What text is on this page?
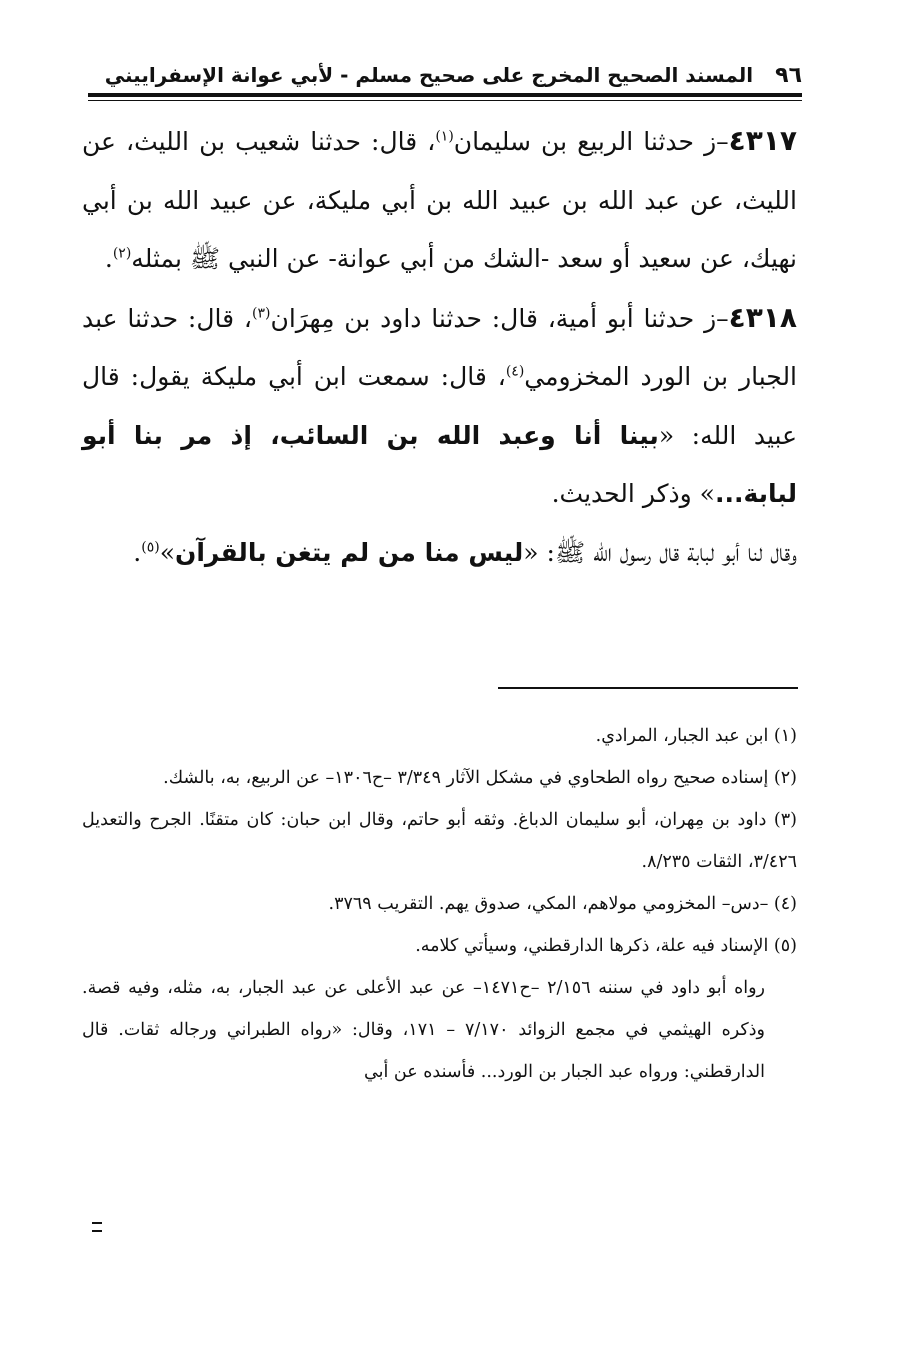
٩٦
المسند الصحيح المخرج على صحيح مسلم - لأبي عوانة الإسفراييني

٤٣١٧–ز حدثنا الربيع بن سليمان$^{(١)}$، قال: حدثنا شعيب بن الليث، عن الليث، عن عبد الله بن عبيد الله بن أبي مليكة، عن عبيد الله بن أبي نهيك، عن سعيد أو سعد -الشك من أبي عوانة- عن النبي ﷺ بمثله$^{(٢)}$.

٤٣١٨–ز حدثنا أبو أمية، قال: حدثنا داود بن مِهرَان$^{(٣)}$، قال: حدثنا عبد الجبار بن الورد المخزومي$^{(٤)}$، قال: سمعت ابن أبي مليكة يقول: قال عبيد الله: «بينا أنا وعبد الله بن السائب، إذ مر بنا أبو لبابة...» وذكر الحديث.

وقال لنا أبو لبابة قال رسول الله ﷺ: «ليس منا من لم يتغن بالقرآن»$^{(٥)}$.

(١) ابن عبد الجبار، المرادي.

(٢) إسناده صحيح رواه الطحاوي في مشكل الآثار ٣/٣٤٩ –ح١٣٠٦– عن الربيع، به، بالشك.

(٣) داود بن مِهران، أبو سليمان الدباغ. وثقه أبو حاتم، وقال ابن حبان: كان متقنًا. الجرح والتعديل ٣/٤٢٦، الثقات ٨/٢٣٥.

(٤) –دس– المخزومي مولاهم، المكي، صدوق يهم. التقريب ٣٧٦٩.

(٥) الإسناد فيه علة، ذكرها الدارقطني، وسيأتي كلامه.

رواه أبو داود في سننه ٢/١٥٦ –ح١٤٧١– عن عبد الأعلى عن عبد الجبار، به، مثله، وفيه قصة. وذكره الهيثمي في مجمع الزوائد ٧/١٧٠ – ١٧١، وقال: «رواه الطبراني ورجاله ثقات. قال الدارقطني: ورواه عبد الجبار بن الورد... فأسنده عن أبي
